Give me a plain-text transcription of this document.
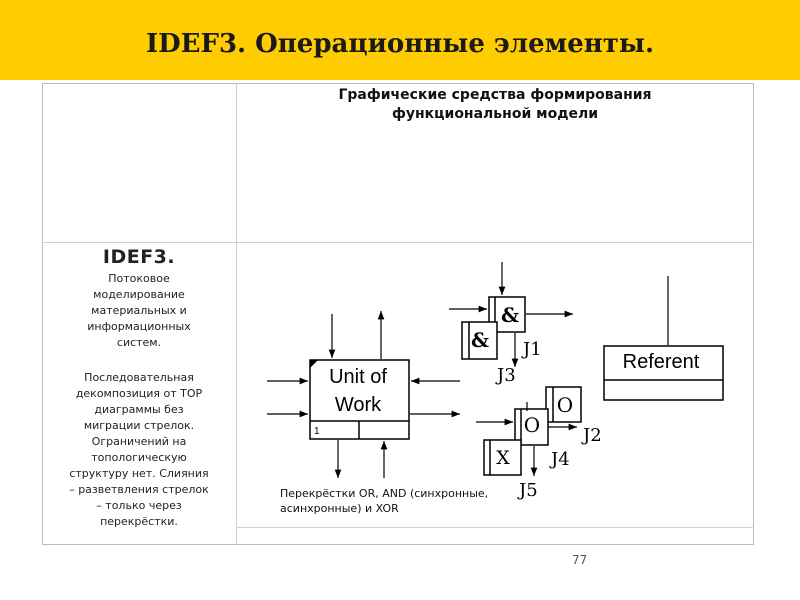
IDEF3. Операционные элементы.
Графические средства формирования
функциональной модели
IDEF3.
Потоковое
моделирование
материальных и
информационных
систем.
Последовательная
декомпозиция от TOP
диаграммы без
миграции стрелок.
Ограничений на
топологическую
структуру нет. Слияния
– разветвления стрелок
– только через
перекрёстки.
Unit of
Work
1
&
& J1
J3
Referent
O
O
X
J2
J4
J5
Перекрёстки OR, AND (синхронные,
асинхронные) и XOR
77
